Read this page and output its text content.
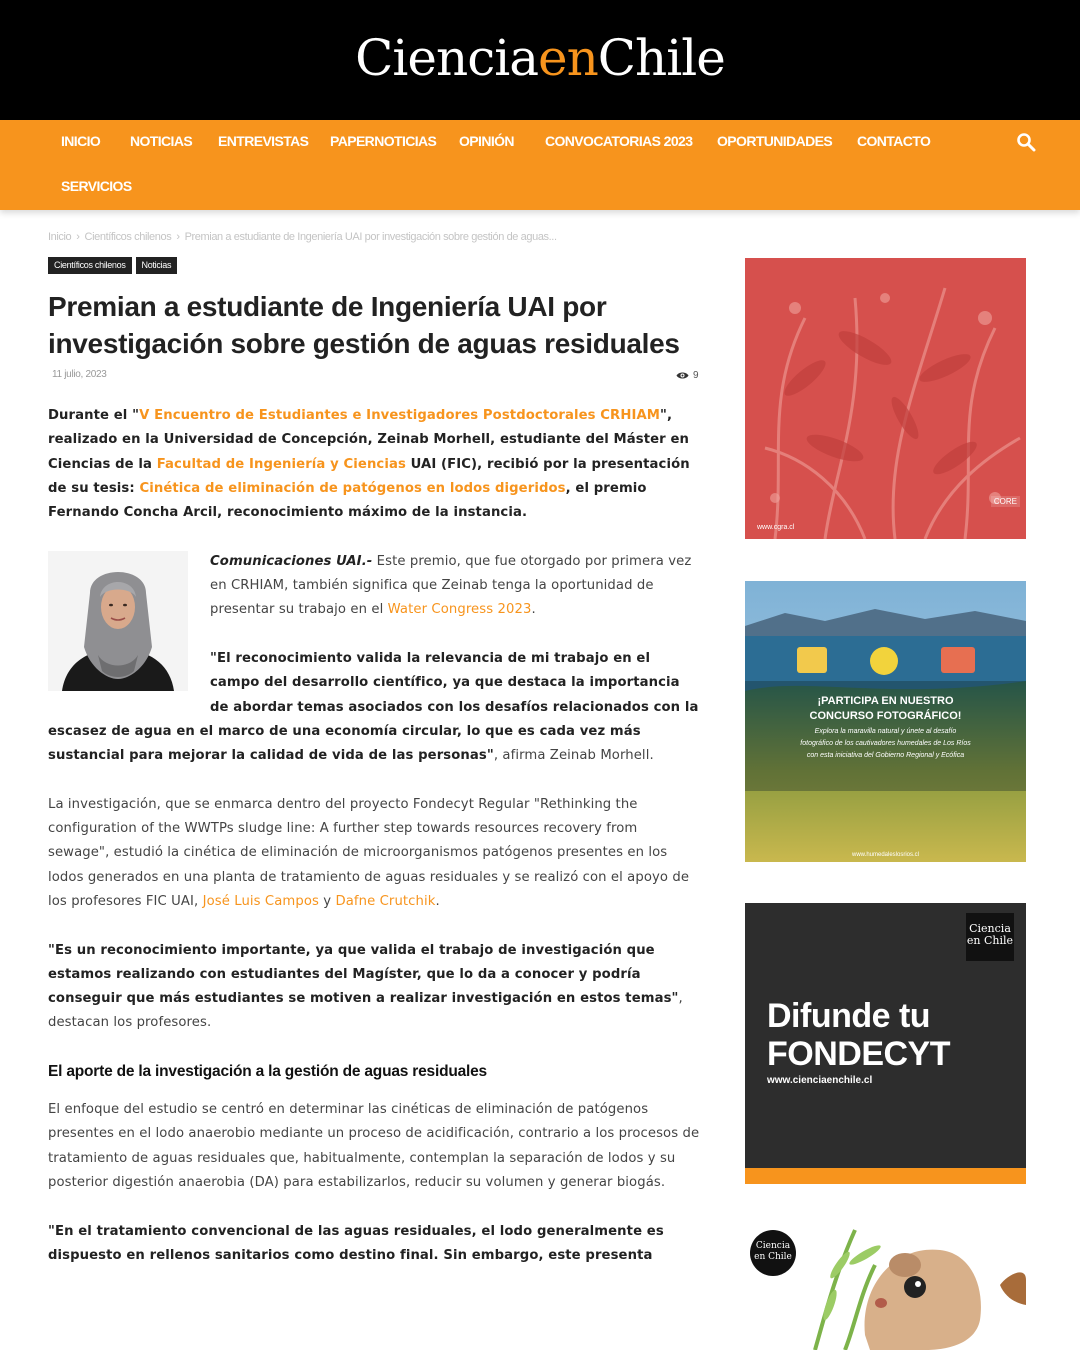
CienciaenChile
INICIO NOTICIAS ENTREVISTAS PAPERNOTICIAS OPINIÓN CONVOCATORIAS 2023 OPORTUNIDADES CONTACTO
SERVICIOS
Inicio › Científicos chilenos › Premian a estudiante de Ingeniería UAI por investigación sobre gestión de aguas...
Científicos chilenos	Noticias
Premian a estudiante de Ingeniería UAI por investigación sobre gestión de aguas residuales
11 julio, 2023	9

Durante el "V Encuentro de Estudiantes e Investigadores Postdoctorales CRHIAM", realizado en la Universidad de Concepción, Zeinab Morhell, estudiante del Máster en Ciencias de la Facultad de Ingeniería y Ciencias UAI (FIC), recibió por la presentación de su tesis: Cinética de eliminación de patógenos en lodos digeridos, el premio Fernando Concha Arcil, reconocimiento máximo de la instancia.

Comunicaciones UAI.- Este premio, que fue otorgado por primera vez en CRHIAM, también significa que Zeinab tenga la oportunidad de presentar su trabajo en el Water Congress 2023.

"El reconocimiento valida la relevancia de mi trabajo en el campo del desarrollo científico, ya que destaca la importancia de abordar temas asociados con los desafíos relacionados con la escasez de agua en el marco de una economía circular, lo que es cada vez más sustancial para mejorar la calidad de vida de las personas", afirma Zeinab Morhell.

La investigación, que se enmarca dentro del proyecto Fondecyt Regular "Rethinking the configuration of the WWTPs sludge line: A further step towards resources recovery from sewage", estudió la cinética de eliminación de microorganismos patógenos presentes en los lodos generados en una planta de tratamiento de aguas residuales y se realizó con el apoyo de los profesores FIC UAI, José Luis Campos y Dafne Crutchik.

"Es un reconocimiento importante, ya que valida el trabajo de investigación que estamos realizando con estudiantes del Magíster, que lo da a conocer y podría conseguir que más estudiantes se motiven a realizar investigación en estos temas", destacan los profesores.

El aporte de la investigación a la gestión de aguas residuales

El enfoque del estudio se centró en determinar las cinéticas de eliminación de patógenos presentes en el lodo anaerobio mediante un proceso de acidificación, contrario a los procesos de tratamiento de aguas residuales que, habitualmente, contemplan la separación de lodos y su posterior digestión anaerobia (DA) para estabilizarlos, reducir su volumen y generar biogás.

"En el tratamiento convencional de las aguas residuales, el lodo generalmente es dispuesto en rellenos sanitarios como destino final. Sin embargo, este presenta

www.cgra.cl
CORE
¡PARTICIPA EN NUESTRO
CONCURSO FOTOGRÁFICO!
Explora la maravilla natural y únete al desafío
fotográfico de los cautivadores humedales de Los Ríos
con esta iniciativa del Gobierno Regional y Ecófica
www.humedaleslosrios.cl
Ciencia en Chile
Difunde tu
FONDECYT
www.cienciaenchile.cl
Ciencia en Chile
